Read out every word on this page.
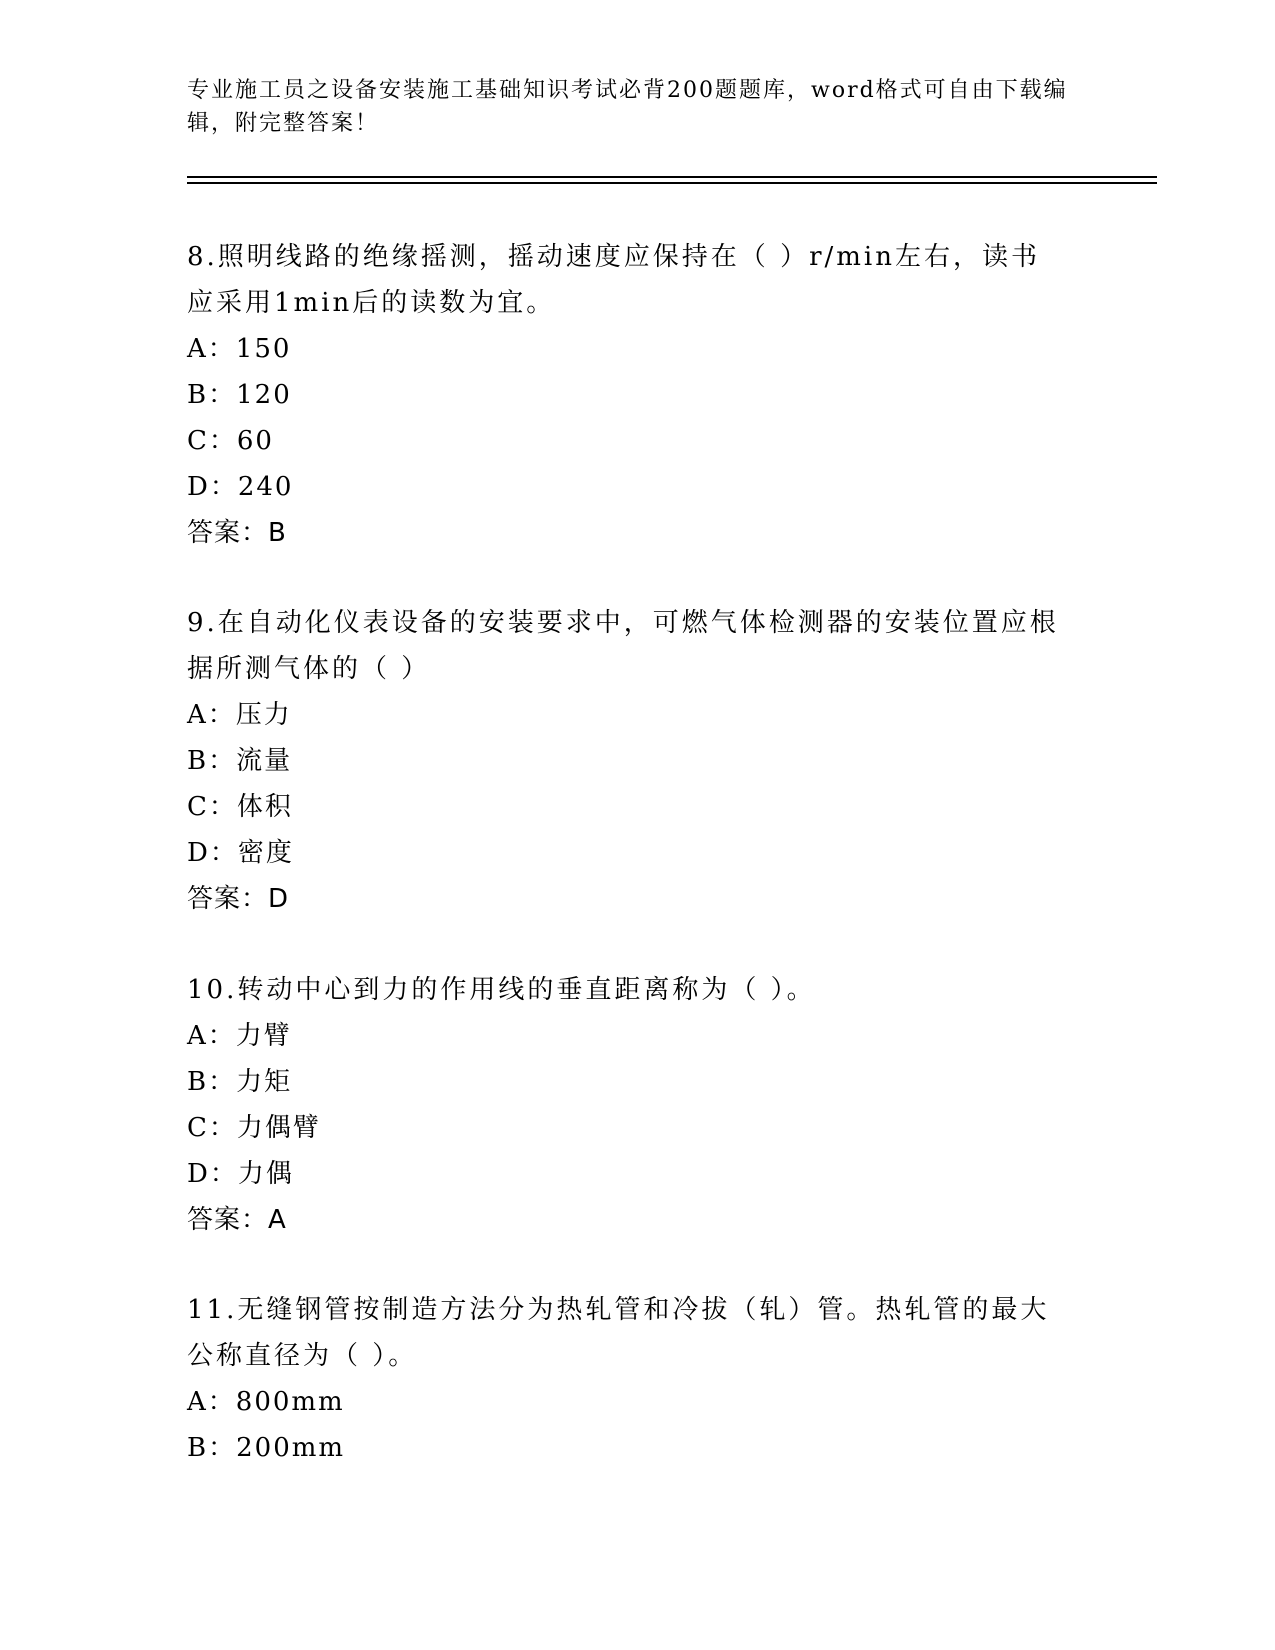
专业施工员之设备安装施工基础知识考试必背200题题库，word格式可自由下载编辑，附完整答案！

8.照明线路的绝缘摇测，摇动速度应保持在（ ）r/min左右，读书应采用1min后的读数为宜。

A：150

B：120

C：60

D：240

答案：B

9.在自动化仪表设备的安装要求中，可燃气体检测器的安装位置应根据所测气体的（ ）

A：压力

B：流量

C：体积

D：密度

答案：D

10.转动中心到力的作用线的垂直距离称为（ ）。

A：力臂

B：力矩

C：力偶臂

D：力偶

答案：A

11.无缝钢管按制造方法分为热轧管和冷拔（轧）管。热轧管的最大公称直径为（ ）。

A：800mm

B：200mm
